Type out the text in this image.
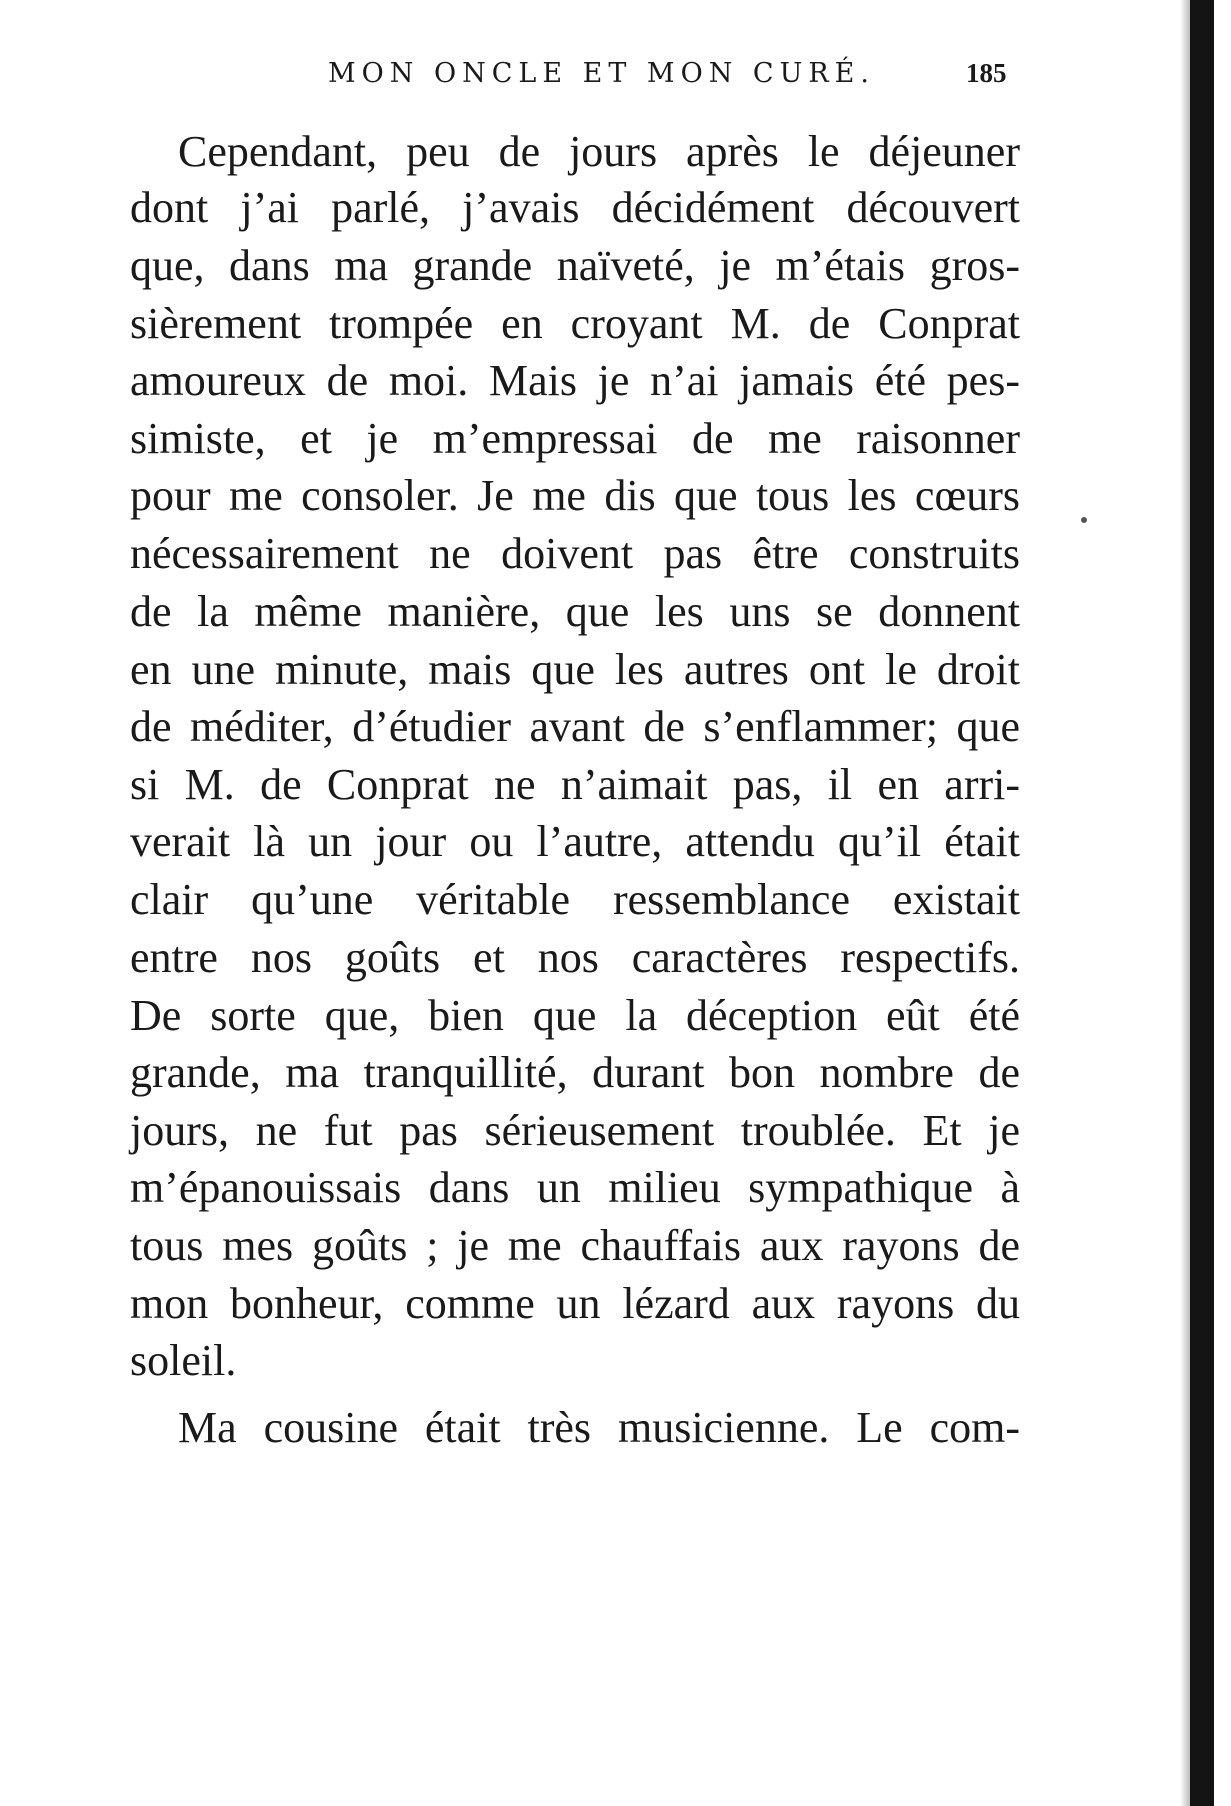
MON ONCLE ET MON CURÉ.	185
Cependant, peu de jours après le déjeuner
dont j’ai parlé, j’avais décidément découvert
que, dans ma grande naïveté, je m’étais gros-
sièrement trompée en croyant M. de Conprat
amoureux de moi. Mais je n’ai jamais été pes-
simiste, et je m’empressai de me raisonner
pour me consoler. Je me dis que tous les cœurs
nécessairement ne doivent pas être construits
de la même manière, que les uns se donnent
en une minute, mais que les autres ont le droit
de méditer, d’étudier avant de s’enflammer; que
si M. de Conprat ne n’aimait pas, il en arri-
verait là un jour ou l’autre, attendu qu’il était
clair qu’une véritable ressemblance existait
entre nos goûts et nos caractères respectifs.
De sorte que, bien que la déception eût été
grande, ma tranquillité, durant bon nombre de
jours, ne fut pas sérieusement troublée. Et je
m’épanouissais dans un milieu sympathique à
tous mes goûts ; je me chauffais aux rayons de
mon bonheur, comme un lézard aux rayons du
soleil.
Ma cousine était très musicienne. Le com-
